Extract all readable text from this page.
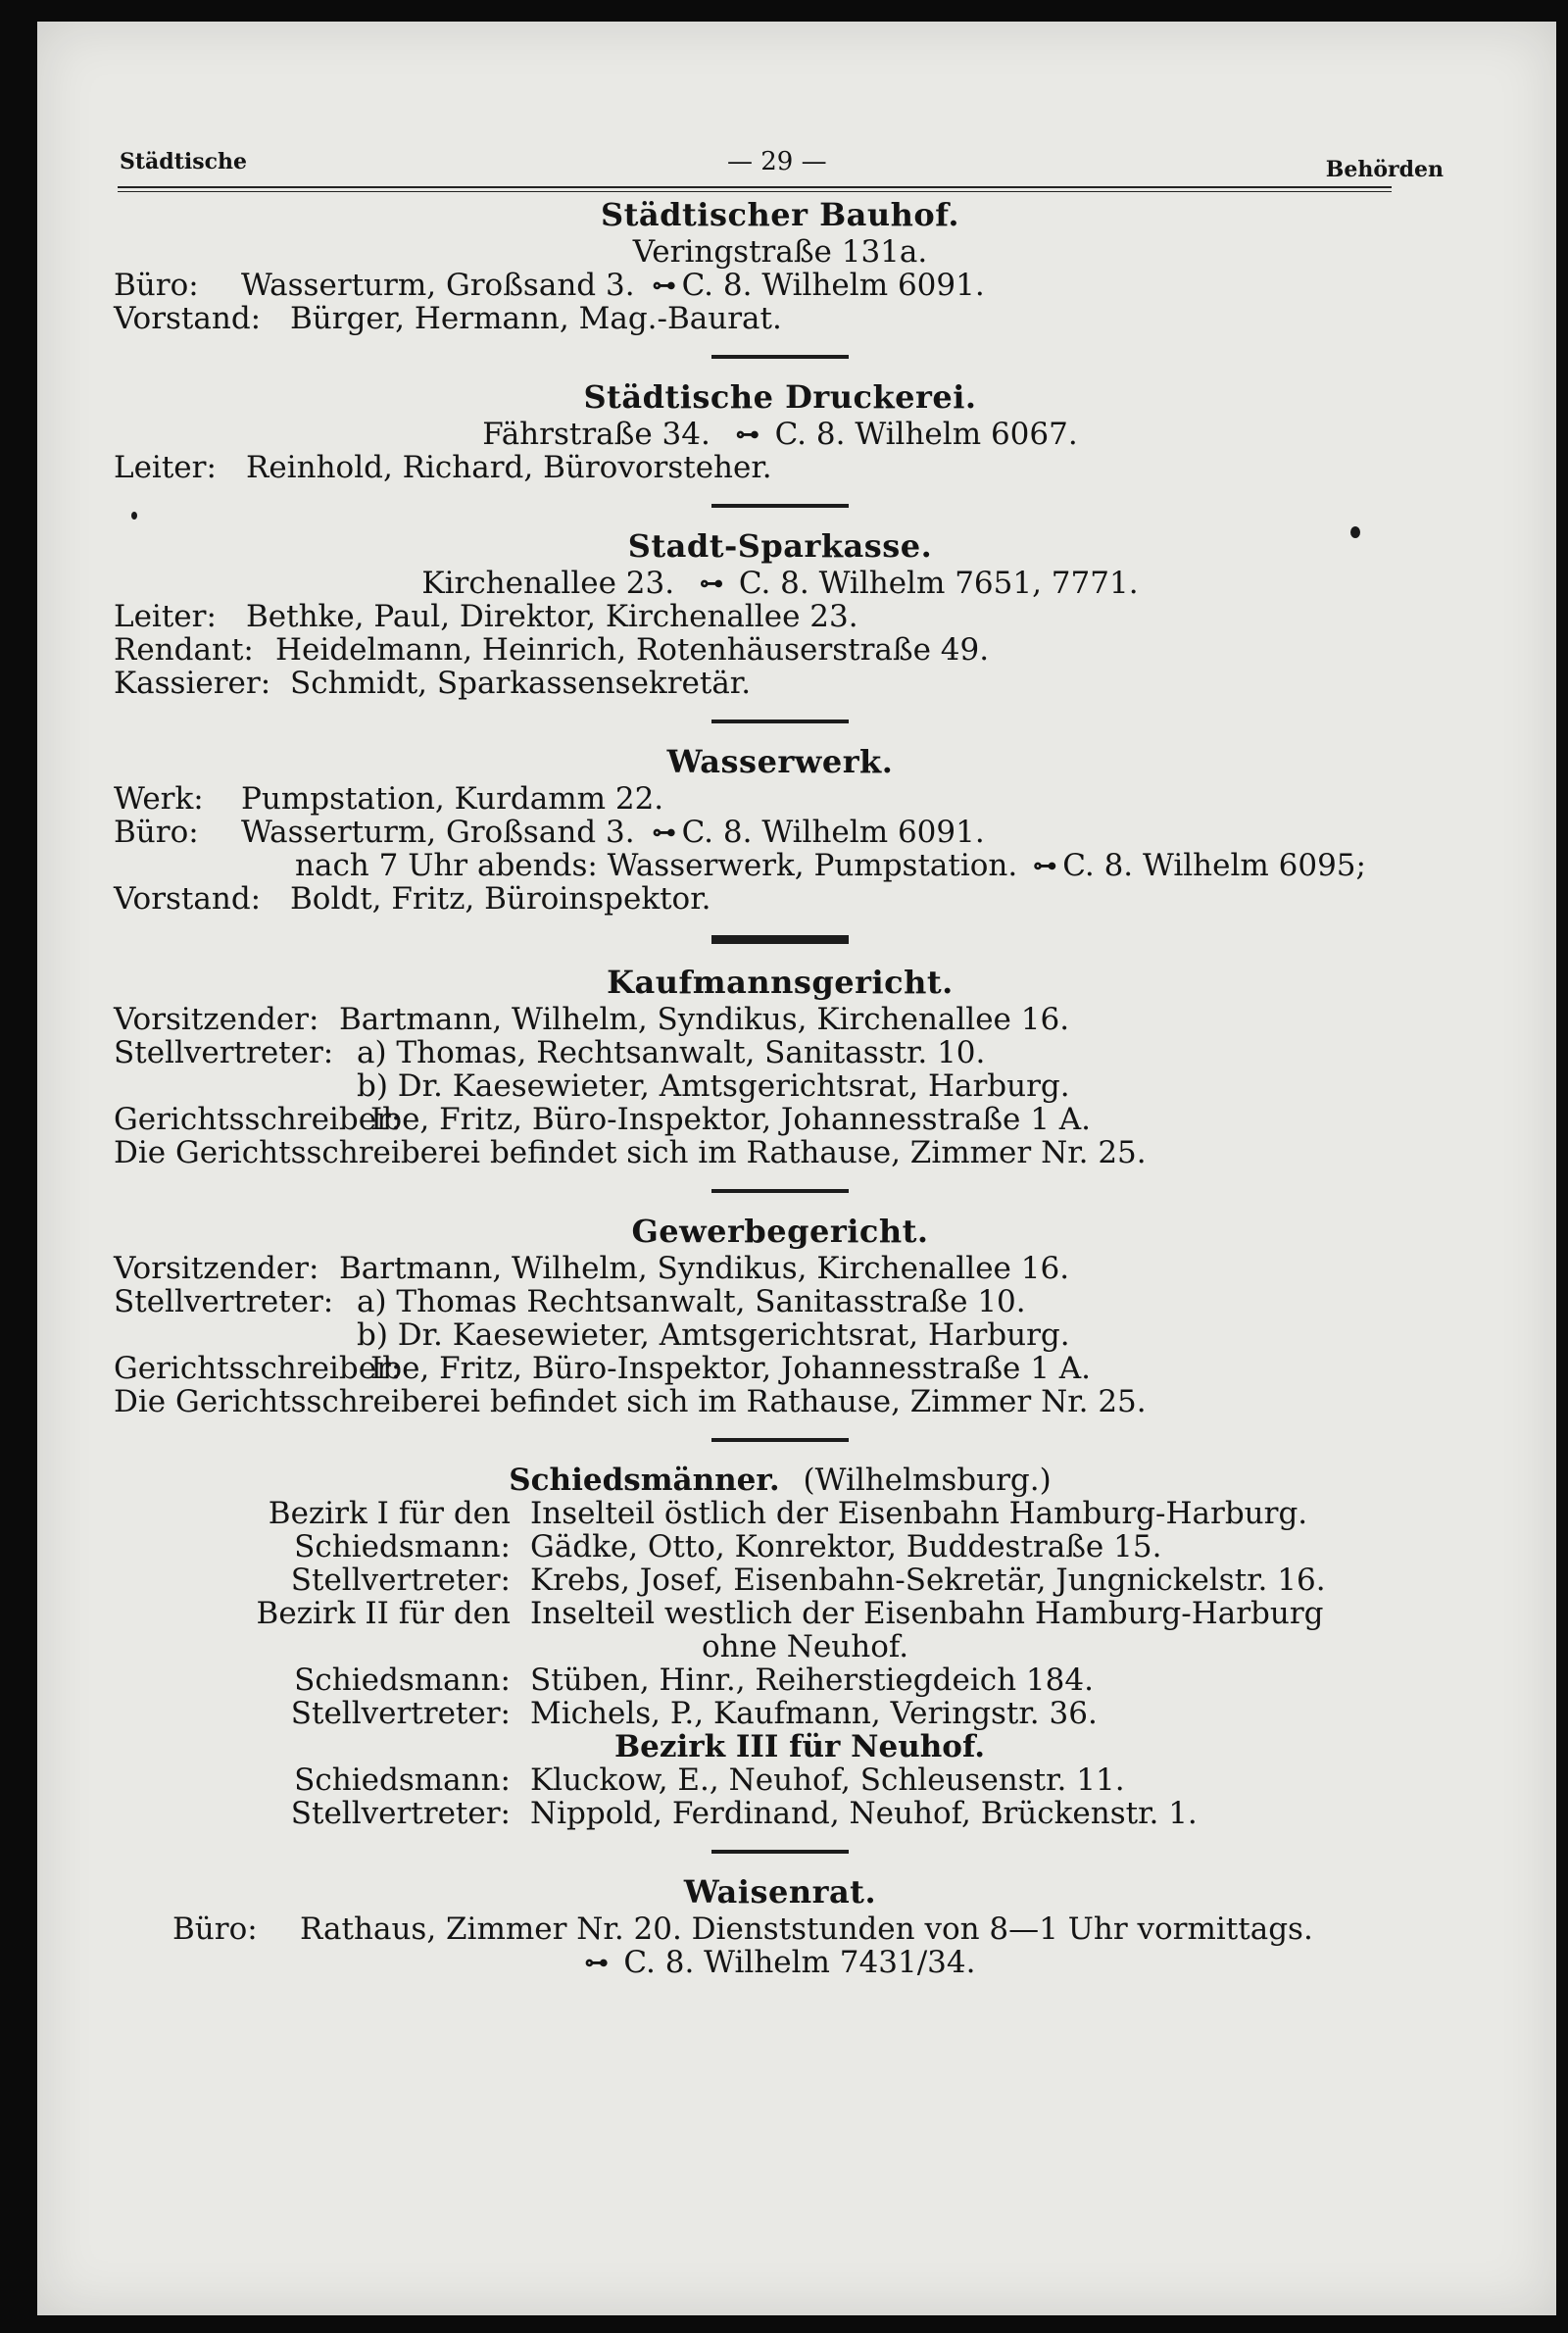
Städtische	— 29 —	Behörden
Städtischer Bauhof.
Veringstraße 131a.
Büro:	Wasserturm, Großsand 3. ⊶ C. 8. Wilhelm 6091.
Vorstand: Bürger, Hermann, Mag.-Baurat.
Städtische Druckerei.
Fährstraße 34. ⊶ C. 8. Wilhelm 6067.
Leiter: Reinhold, Richard, Bürovorsteher.
Stadt-Sparkasse.
Kirchenallee 23. ⊶ C. 8. Wilhelm 7651, 7771.
Leiter: Bethke, Paul, Direktor, Kirchenallee 23.
Rendant: Heidelmann, Heinrich, Rotenhäuserstraße 49.
Kassierer: Schmidt, Sparkassensekretär.
Wasserwerk.
Werk:	Pumpstation, Kurdamm 22.
Büro:	Wasserturm, Großsand 3. ⊶ C. 8. Wilhelm 6091.
nach 7 Uhr abends: Wasserwerk, Pumpstation. ⊶ C. 8. Wilhelm 6095;
Vorstand: Boldt, Fritz, Büroinspektor.
Kaufmannsgericht.
Vorsitzender: Bartmann, Wilhelm, Syndikus, Kirchenallee 16.
Stellvertreter: a) Thomas, Rechtsanwalt, Sanitasstr. 10.
b) Dr. Kaesewieter, Amtsgerichtsrat, Harburg.
Gerichtsschreiber:
Ibe, Fritz, Büro-Inspektor, Johannesstraße 1 A.
Die Gerichtsschreiberei befindet sich im Rathause, Zimmer Nr. 25.
Gewerbegericht.
Vorsitzender: Bartmann, Wilhelm, Syndikus, Kirchenallee 16.
Stellvertreter: a) Thomas Rechtsanwalt, Sanitasstraße 10.
b) Dr. Kaesewieter, Amtsgerichtsrat, Harburg.
Gerichtsschreiber:
Ibe, Fritz, Büro-Inspektor, Johannesstraße 1 A.
Die Gerichtsschreiberei befindet sich im Rathause, Zimmer Nr. 25.
Schiedsmänner. (Wilhelmsburg.)
Bezirk I für den Inselteil östlich der Eisenbahn Hamburg-Harburg.
Schiedsmann: Gädke, Otto, Konrektor, Buddestraße 15.
Stellvertreter: Krebs, Josef, Eisenbahn-Sekretär, Jungnickelstr. 16.
Bezirk II für den Inselteil westlich der Eisenbahn Hamburg-Harburg
ohne Neuhof.
Schiedsmann: Stüben, Hinr., Reiherstiegdeich 184.
Stellvertreter: Michels, P., Kaufmann, Veringstr. 36.
Bezirk III für Neuhof.
Schiedsmann: Kluckow, E., Neuhof, Schleusenstr. 11.
Stellvertreter: Nippold, Ferdinand, Neuhof, Brückenstr. 1.
Waisenrat.
Büro:	Rathaus, Zimmer Nr. 20. Dienststunden von 8—1 Uhr vormittags.
⊶ C. 8. Wilhelm 7431/34.
